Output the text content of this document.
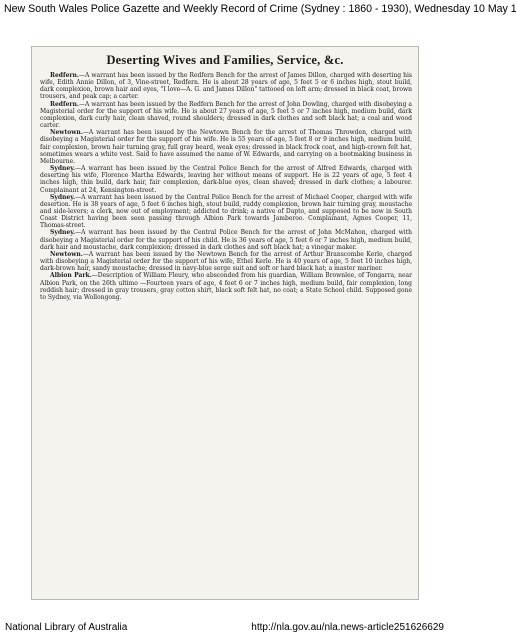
New South Wales Police Gazette and Weekly Record of Crime (Sydney : 1860 - 1930), Wednesday 10 May 1
Deserting Wives and Families, Service, &c.

Redfern.—A warrant has been issued by the Redfern Bench for the arrest of James Dillon, charged with deserting his wife, Edith Annie Dillon, of 3, Vine-street, Redfern. He is about 28 years of age, 5 feet 5 or 6 inches high, stout build, dark complexion, brown hair and eyes, "I love—A. G. and James Dillon" tattooed on left arm; dressed in black coat, brown trousers, and peak cap; a carter.

Redfern.—A warrant has been issued by the Redfern Bench for the arrest of John Dowling, charged with disobeying a Magisterial order for the support of his wife. He is about 27 years of age, 5 feet 5 or 7 inches high, medium build, dark complexion, dark curly hair, clean shaved, round shoulders; dressed in dark clothes and soft black hat; a coal and wood carter.

Newtown.—A warrant has been issued by the Newtown Bench for the arrest of Thomas Throwden, charged with disobeying a Magisterial order for the support of his wife. He is 55 years of age, 5 feet 8 or 9 inches high, medium build, fair complexion, brown hair turning gray, full gray beard, weak eyes; dressed in black frock coat, and high-crown felt hat, sometimes wears a white vest. Said to have assumed the name of W. Edwards, and carrying on a bootmaking business in Melbourne.

Sydney.—A warrant has been issued by the Central Police Bench for the arrest of Alfred Edwards, charged with deserting his wife, Florence Martha Edwards, leaving her without means of support. He is 22 years of age, 5 feet 4 inches high, thin build, dark hair, fair complexion, dark-blue eyes, clean shaved; dressed in dark clothes; a labourer. Complainant at 24, Kensington-street.

Sydney.—A warrant has been issued by the Central Police Bench for the arrest of Michael Cooper, charged with wife desertion. He is 38 years of age, 5 feet 6 inches high, stout build, ruddy complexion, brown hair turning gray, moustache and side-levers; a clerk, now out of employment; addicted to drink; a native of Dapto, and supposed to be now in South Coast District having been seen passing through Albion Park towards Jamberoo. Complainant, Agnes Cooper, 11, Thomas-street.

Sydney.—A warrant has been issued by the Central Police Bench for the arrest of John McMahon, charged with disobeying a Magisterial order for the support of his child. He is 36 years of age, 5 feet 6 or 7 inches high, medium build, dark hair and moustache, dark complexion; dressed in dark clothes and soft black hat; a vinegar maker.

Newtown.—A warrant has been issued by the Newtown Bench for the arrest of Arthur Branscombe Kerle, charged with disobeying a Magisterial order for the support of his wife, Ethel Kerle. He is 40 years of age, 5 feet 10 inches high, dark-brown hair, sandy moustache; dressed in navy-blue serge suit and soft or hard black hat; a master mariner.

Albion Park.—Description of William Fleury, who absconded from his guardian, William Brownlee, of Tongarra, near Albion Park, on the 26th ultimo —Fourteen years of age, 4 feet 6 or 7 inches high, medium build, fair complexion, long reddish hair; dressed in gray trousers, gray cotton shirt, black soft felt hat, no coat; a State School child. Supposed gone to Sydney, via Wollongong.

National Library of Australia	http://nla.gov.au/nla.news-article251626629
